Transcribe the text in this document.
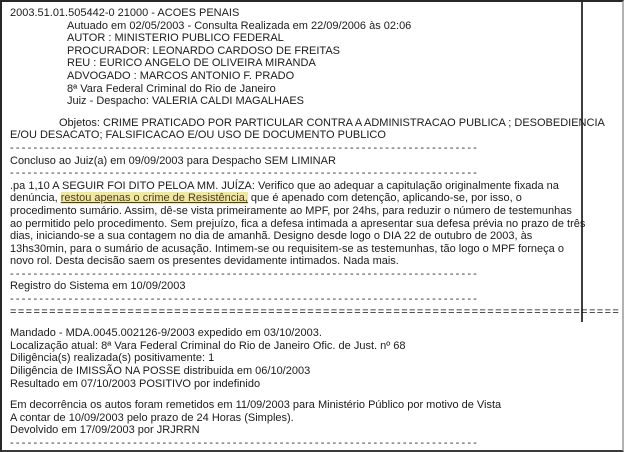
2003.51.01.505442-0 21000 - ACOES PENAIS
Autuado em 02/05/2003 - Consulta Realizada em 22/09/2006 às 02:06
AUTOR : MINISTERIO PUBLICO FEDERAL
PROCURADOR: LEONARDO CARDOSO DE FREITAS
REU : EURICO ANGELO DE OLIVEIRA MIRANDA
ADVOGADO : MARCOS ANTONIO F. PRADO
8ª Vara Federal Criminal do Rio de Janeiro
Juiz - Despacho: VALERIA CALDI MAGALHAES
Objetos: CRIME PRATICADO POR PARTICULAR CONTRA A ADMINISTRACAO PUBLICA ; DESOBEDIENCIA
E/OU DESACATO; FALSIFICACAO E/OU USO DE DOCUMENTO PUBLICO
--------------------------------------------------------------------------------
Concluso ao Juiz(a) em 09/09/2003 para Despacho SEM LIMINAR
--------------------------------------------------------------------------------
.pa 1,10 A SEGUIR FOI DITO PELOA MM. JUÍZA: Verifico que ao adequar a capitulação originalmente fixada na
denúncia, restou apenas o crime de Resistência, que é apenado com detenção, aplicando-se, por isso, o
procedimento sumário. Assim, dê-se vista primeiramente ao MPF, por 24hs, para reduzir o número de testemunhas
ao permitido pelo procedimento. Sem prejuízo, fica a defesa intimada a apresentar sua defesa prévia no prazo de três
dias, iniciando-se a sua contagem no dia de amanhã. Designo desde logo o DIA 22 de outubro de 2003, às
13hs30min, para o sumário de acusação. Intimem-se ou requisitem-se as testemunhas, tão logo o MPF forneça o
novo rol. Desta decisão saem os presentes devidamente intimados. Nada mais.
--------------------------------------------------------------------------------
Registro do Sistema em 10/09/2003
--------------------------------------------------------------------------------
==============================================================================
Mandado - MDA.0045.002126-9/2003 expedido em 03/10/2003.
Localização atual: 8ª Vara Federal Criminal do Rio de Janeiro Ofic. de Just. nº 68
Diligência(s) realizada(s) positivamente: 1
Diligência de IMISSÃO NA POSSE distribuida em 06/10/2003
Resultado em 07/10/2003 POSITIVO por indefinido
Em decorrência os autos foram remetidos em 11/09/2003 para Ministério Público por motivo de Vista
A contar de 10/09/2003 pelo prazo de 24 Horas (Simples).
Devolvido em 17/09/2003 por JRJRRN
--------------------------------------------------------------------------------
